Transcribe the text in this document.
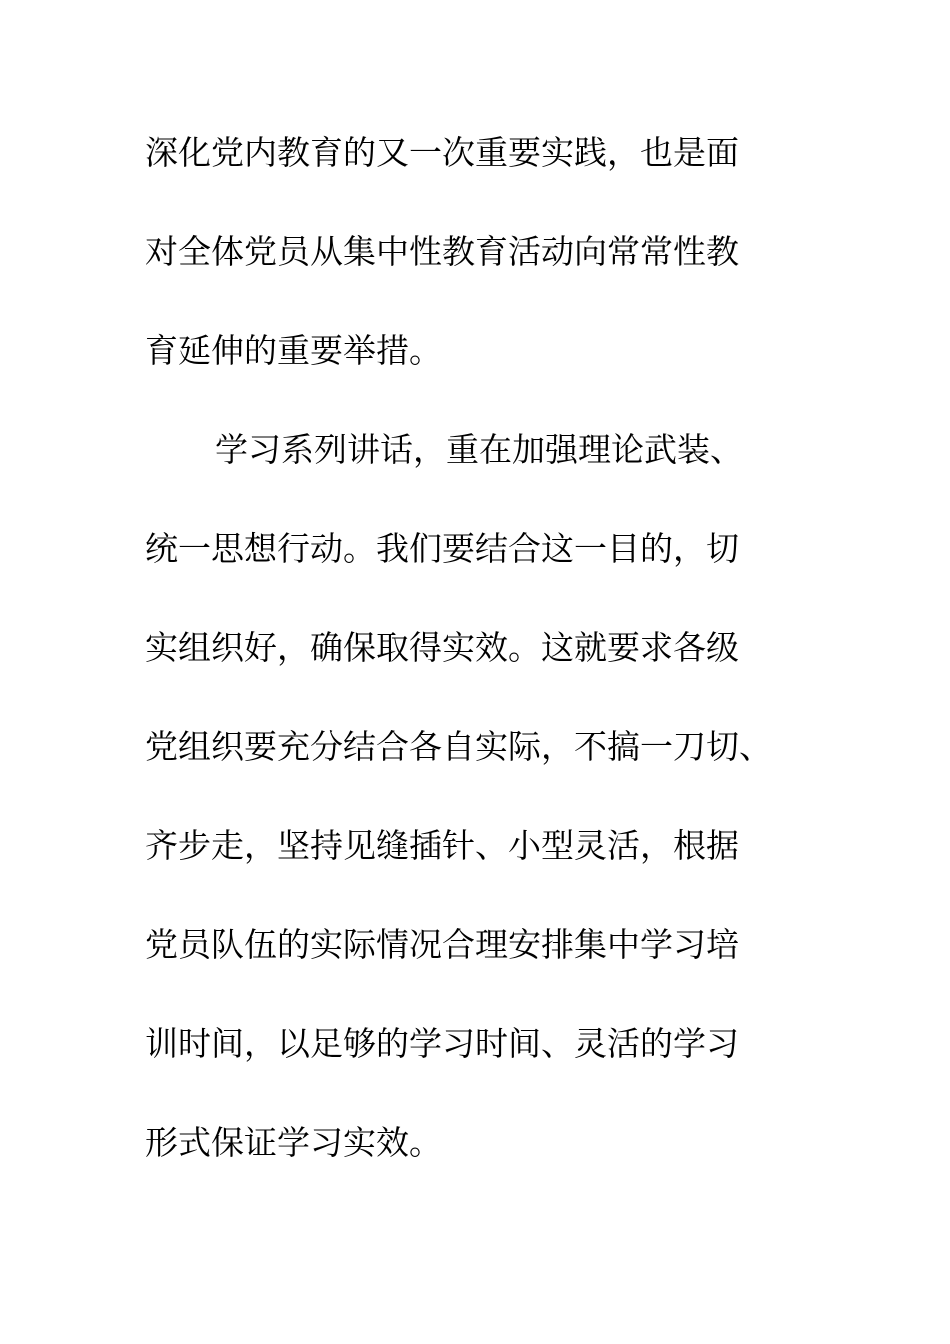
深化党内教育的又一次重要实践，也是面
对全体党员从集中性教育活动向常常性教
育延伸的重要举措。
学习系列讲话，重在加强理论武装、
统一思想行动。我们要结合这一目的，切
实组织好，确保取得实效。这就要求各级
党组织要充分结合各自实际，不搞一刀切、
齐步走，坚持见缝插针、小型灵活，根据
党员队伍的实际情况合理安排集中学习培
训时间，以足够的学习时间、灵活的学习
形式保证学习实效。
